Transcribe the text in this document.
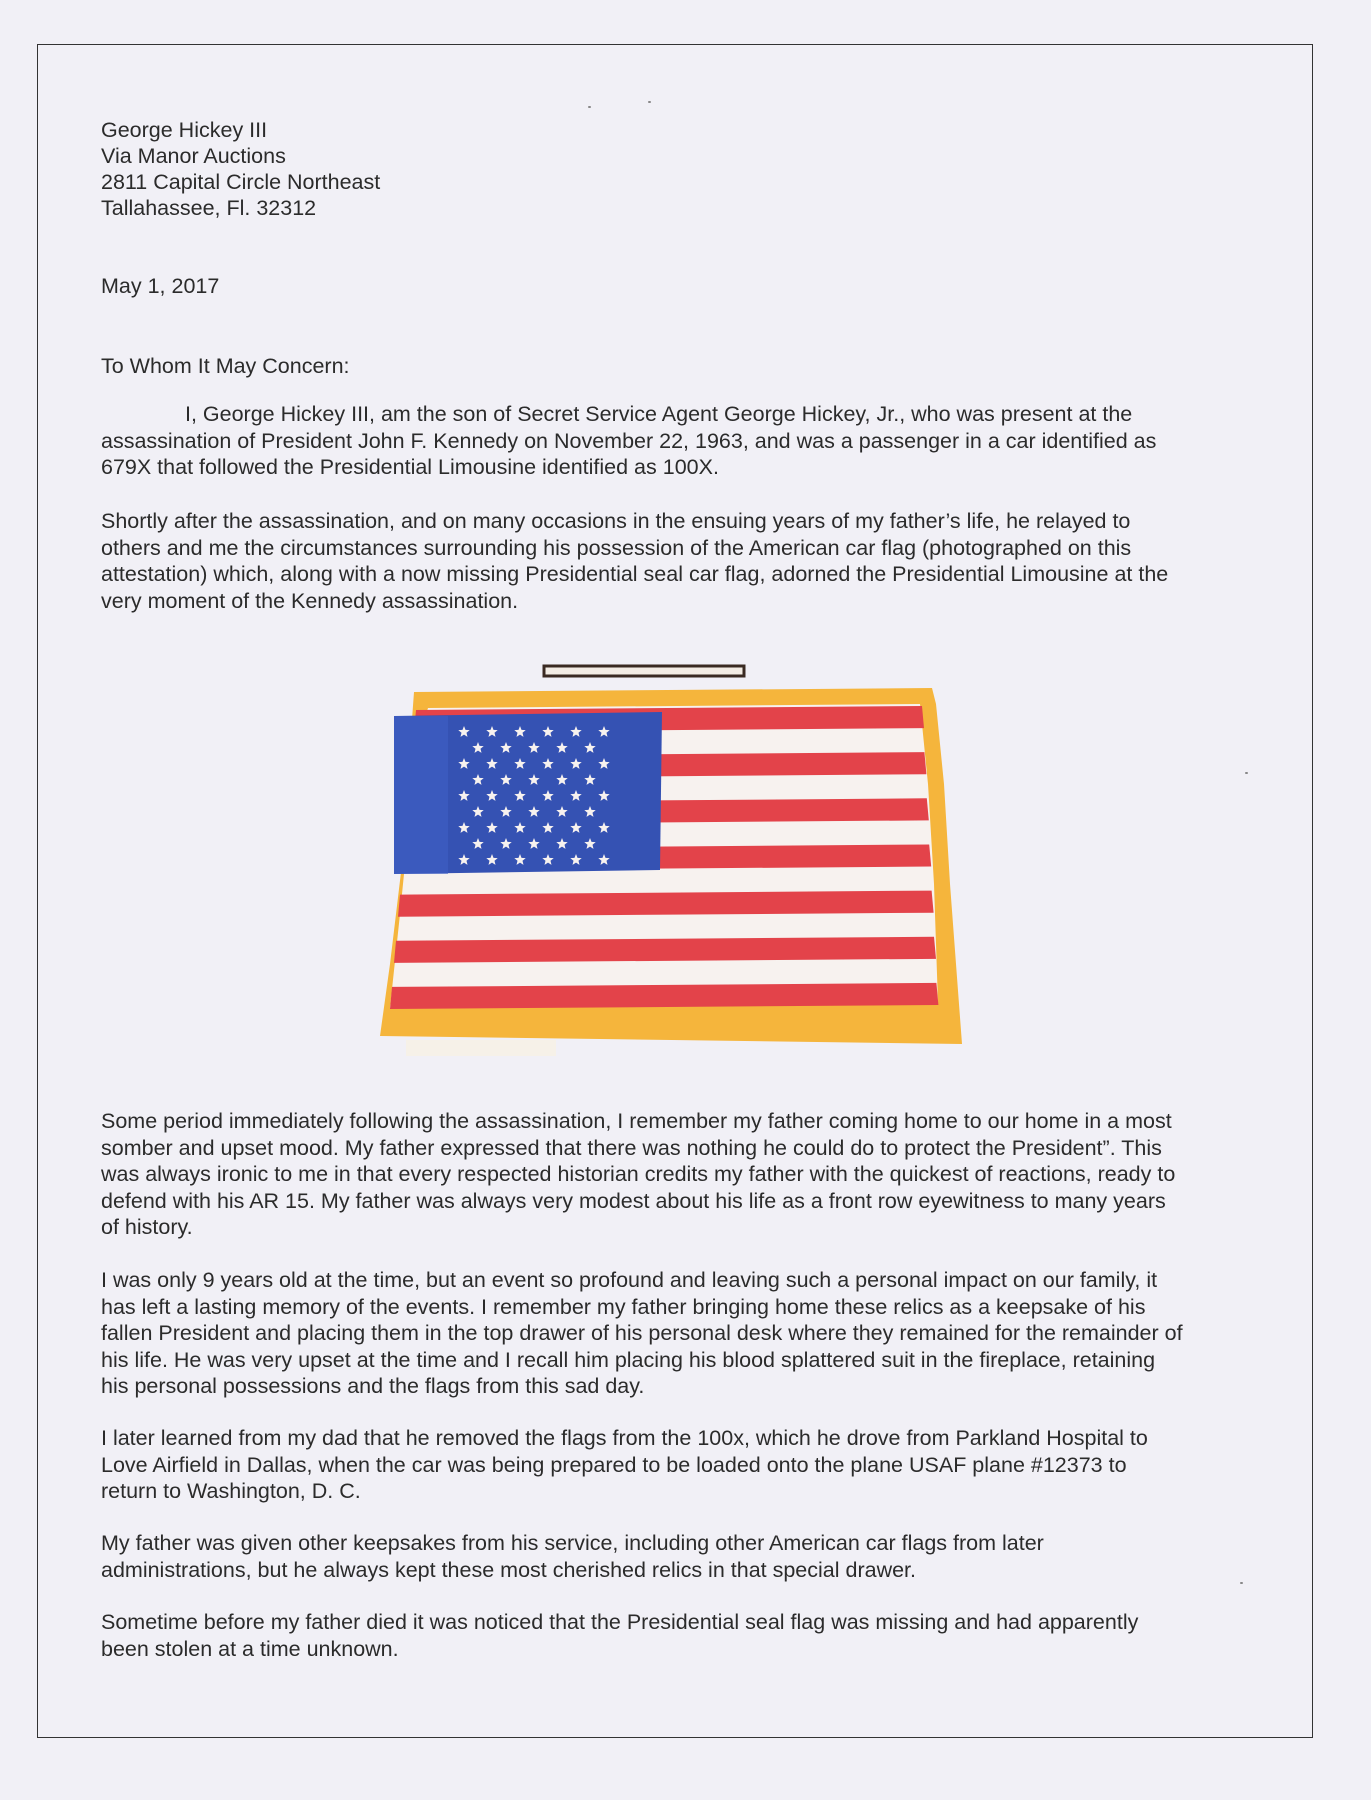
George Hickey III

Via Manor Auctions

2811 Capital Circle Northeast

Tallahassee, Fl. 32312

May 1, 2017

To Whom It May Concern:

I, George Hickey III, am the son of Secret Service Agent George Hickey, Jr., who was present at the
assassination of President John F. Kennedy on November 22, 1963, and was a passenger in a car identified as
679X that followed the Presidential Limousine identified as 100X.
Shortly after the assassination, and on many occasions in the ensuing years of my father’s life, he relayed to
others and me the circumstances surrounding his possession of the American car flag (photographed on this
attestation) which, along with a now missing Presidential seal car flag, adorned the Presidential Limousine at the
very moment of the Kennedy assassination.
Some period immediately following the assassination, I remember my father coming home to our home in a most
somber and upset mood. My father expressed that there was nothing he could do to protect the President”. This
was always ironic to me in that every respected historian credits my father with the quickest of reactions, ready to
defend with his AR 15. My father was always very modest about his life as a front row eyewitness to many years
of history.
I was only 9 years old at the time, but an event so profound and leaving such a personal impact on our family, it
has left a lasting memory of the events. I remember my father bringing home these relics as a keepsake of his
fallen President and placing them in the top drawer of his personal desk where they remained for the remainder of
his life. He was very upset at the time and I recall him placing his blood splattered suit in the fireplace, retaining
his personal possessions and the flags from this sad day.
I later learned from my dad that he removed the flags from the 100x, which he drove from Parkland Hospital to
Love Airfield in Dallas, when the car was being prepared to be loaded onto the plane USAF plane #12373 to
return to Washington, D. C.
My father was given other keepsakes from his service, including other American car flags from later
administrations, but he always kept these most cherished relics in that special drawer.
Sometime before my father died it was noticed that the Presidential seal flag was missing and had apparently
been stolen at a time unknown.
